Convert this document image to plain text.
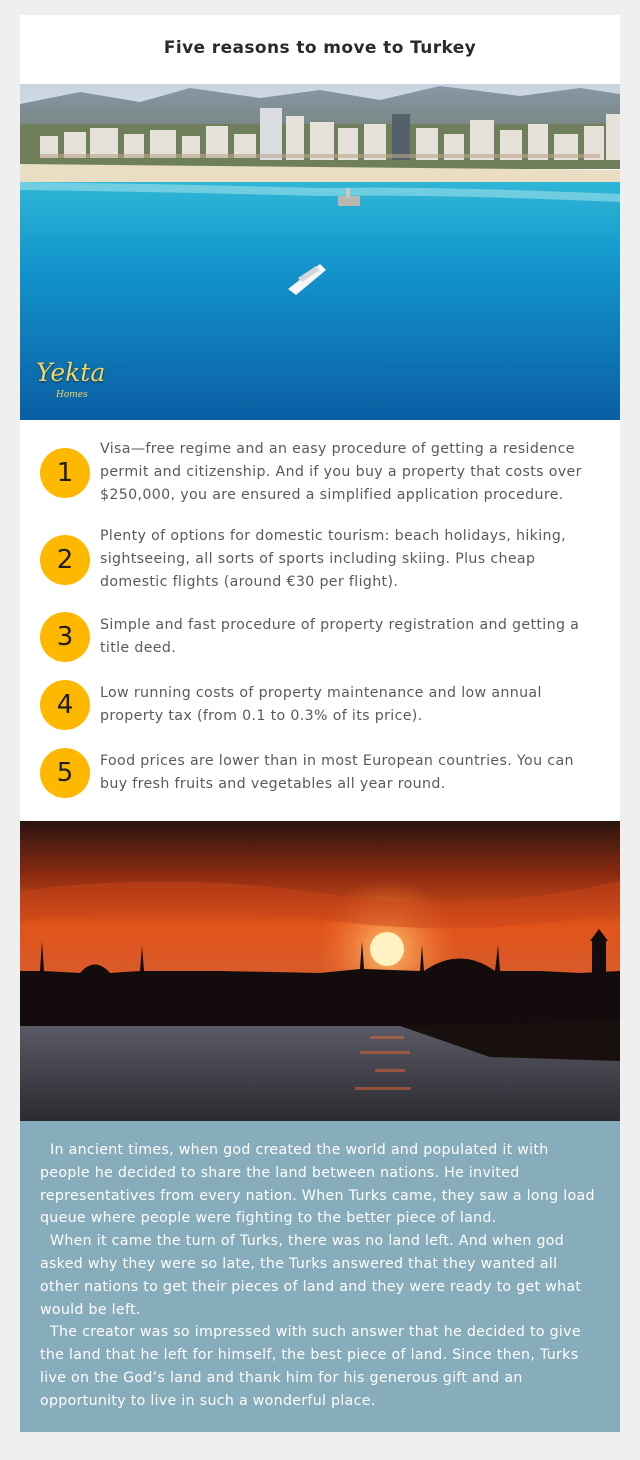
Five reasons to move to Turkey
Yekta
Homes
1
Visa—free regime and an easy procedure of getting a residence permit and citizenship. And if you buy a property that costs over $250,000, you are ensured a simplified application procedure.
2
Plenty of options for domestic tourism: beach holidays, hiking, sightseeing, all sorts of sports including skiing. Plus cheap domestic flights (around €30 per flight).
3	Simple and fast procedure of property registration and getting a title deed.
4	Low running costs of property maintenance and low annual property tax (from 0.1 to 0.3% of its price).
5	Food prices are lower than in most European countries. You can buy fresh fruits and vegetables all year round.

In ancient times, when god created the world and populated it with people he decided to share the land between nations. He invited representatives from every nation. When Turks came, they saw a long load queue where people were fighting to the better piece of land.

When it came the turn of Turks, there was no land left. And when god asked why they were so late, the Turks answered that they wanted all other nations to get their pieces of land and they were ready to get what would be left.

The creator was so impressed with such answer that he decided to give the land that he left for himself, the best piece of land. Since then, Turks live on the God’s land and thank him for his generous gift and an opportunity to live in such a wonderful place.
